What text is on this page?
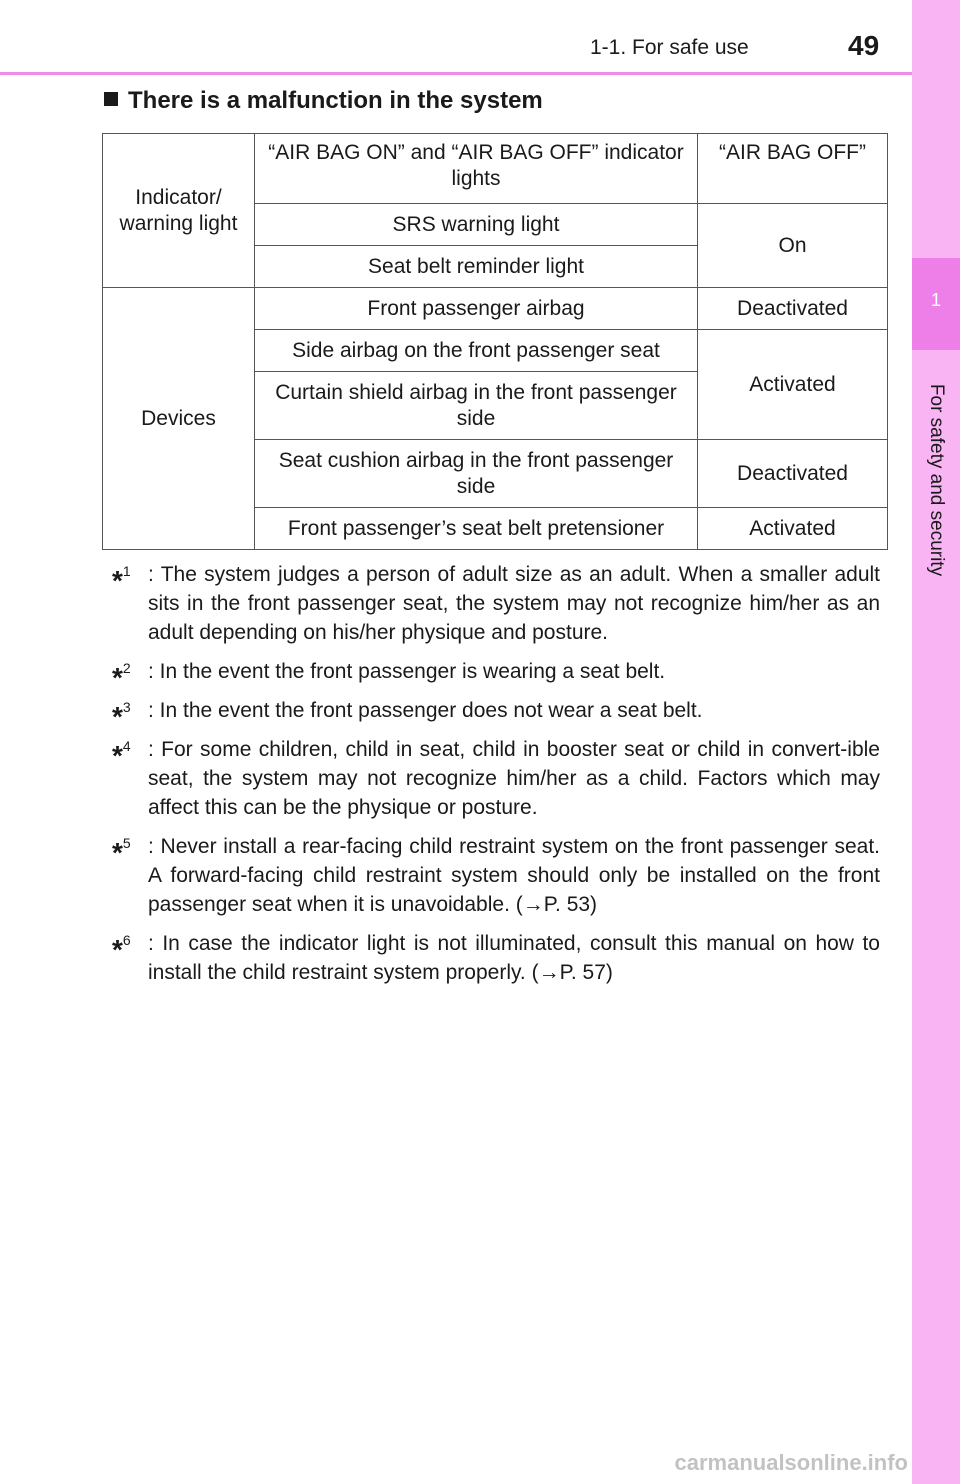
1-1. For safe use	49
1
For safety and security
There is a malfunction in the system
Indicator/ warning light	“AIR BAG ON” and “AIR BAG OFF” indicator lights	“AIR BAG OFF”
	SRS warning light	On
	Seat belt reminder light	
Devices	Front passenger airbag	Deactivated
	Side airbag on the front passenger seat	Activated
	Curtain shield airbag in the front passenger side	
	Seat cushion airbag in the front passenger side	Deactivated
	Front passenger’s seat belt pretensioner	Activated
*$^1$ : The system judges a person of adult size as an adult. When a smaller adult sits in the front passenger seat, the system may not recognize him/her as an adult depending on his/her physique and posture.
*$^2$ : In the event the front passenger is wearing a seat belt.
*$^3$ : In the event the front passenger does not wear a seat belt.
*$^4$ : For some children, child in seat, child in booster seat or child in convert-ible seat, the system may not recognize him/her as a child. Factors which may affect this can be the physique or posture.
*$^5$ : Never install a rear-facing child restraint system on the front passenger seat. A forward-facing child restraint system should only be installed on the front passenger seat when it is unavoidable. (→P. 53)
*$^6$ : In case the indicator light is not illuminated, consult this manual on how to install the child restraint system properly. (→P. 57)
carmanualsonline.info
